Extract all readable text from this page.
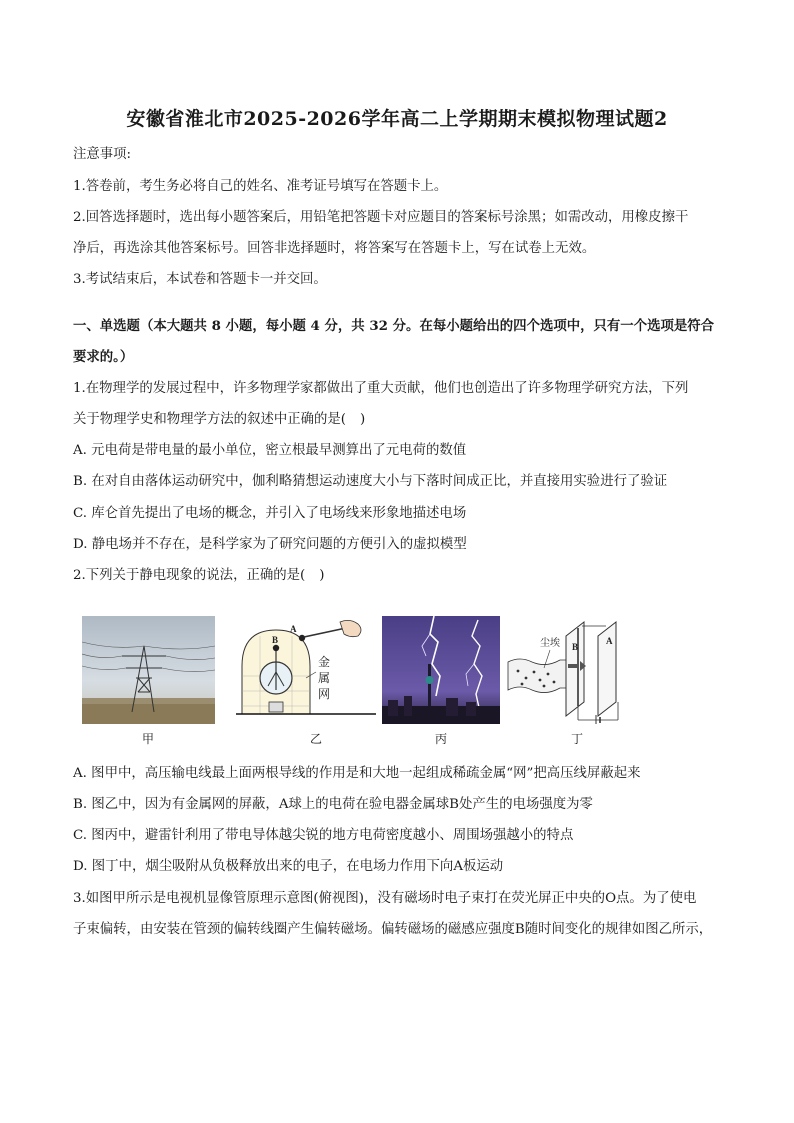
安徽省淮北市2025-2026学年高二上学期期末模拟物理试题2
注意事项:
1.答卷前，考生务必将自己的姓名、准考证号填写在答题卡上。
2.回答选择题时，选出每小题答案后，用铅笔把答题卡对应题目的答案标号涂黑；如需改动，用橡皮擦干
净后，再选涂其他答案标号。回答非选择题时，将答案写在答题卡上，写在试卷上无效。
3.考试结束后，本试卷和答题卡一并交回。
一、单选题（本大题共 8 小题，每小题 4 分，共 32 分。在每小题给出的四个选项中，只有一个选项是符合
要求的。）
1.在物理学的发展过程中，许多物理学家都做出了重大贡献，他们也创造出了许多物理学研究方法，下列
关于物理学史和物理学方法的叙述中正确的是( )
A. 元电荷是带电量的最小单位，密立根最早测算出了元电荷的数值
B. 在对自由落体运动研究中，伽利略猜想运动速度大小与下落时间成正比，并直接用实验进行了验证
C. 库仑首先提出了电场的概念，并引入了电场线来形象地描述电场
D. 静电场并不存在，是科学家为了研究问题的方便引入的虚拟模型
2.下列关于静电现象的说法，正确的是( )
甲
B
A
金
属
网
乙	丙
尘埃 B
A
丁
A. 图甲中，高压输电线最上面两根导线的作用是和大地一起组成稀疏金属“网”把高压线屏蔽起来
B. 图乙中，因为有金属网的屏蔽，A球上的电荷在验电器金属球B处产生的电场强度为零
C. 图丙中，避雷针利用了带电导体越尖锐的地方电荷密度越小、周围场强越小的特点
D. 图丁中，烟尘吸附从负极释放出来的电子，在电场力作用下向A板运动
3.如图甲所示是电视机显像管原理示意图(俯视图)，没有磁场时电子束打在荧光屏正中央的O点。为了使电
子束偏转，由安装在管颈的偏转线圈产生偏转磁场。偏转磁场的磁感应强度B随时间变化的规律如图乙所示，
